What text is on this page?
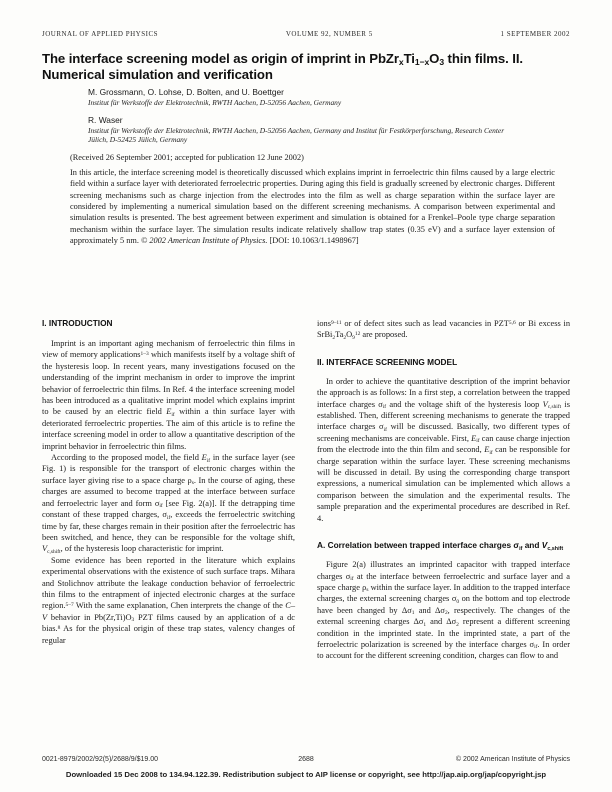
JOURNAL OF APPLIED PHYSICS	VOLUME 92, NUMBER 5	1 SEPTEMBER 2002
The interface screening model as origin of imprint in $PbZr_xTi_{1-x}O_3$ thin films. II. Numerical simulation and verification

M. Grossmann, O. Lohse, D. Bolten, and U. Boettger

Institut für Werkstoffe der Elektrotechnik, RWTH Aachen, D-52056 Aachen, Germany

R. Waser

Institut für Werkstoffe der Elektrotechnik, RWTH Aachen, D-52056 Aachen, Germany and Institut für Festkörperforschung, Research Center Jülich, D-52425 Jülich, Germany

(Received 26 September 2001; accepted for publication 12 June 2002)

In this article, the interface screening model is theoretically discussed which explains imprint in ferroelectric thin films caused by a large electric field within a surface layer with deteriorated ferroelectric properties. During aging this field is gradually screened by electronic charges. Different screening mechanisms such as charge injection from the electrodes into the film as well as charge separation within the surface layer are considered by implementing a numerical simulation based on the different screening mechanisms. A comparison between experimental and simulation results is presented. The best agreement between experiment and simulation is obtained for a Frenkel–Poole type charge separation mechanism within the surface layer. The simulation results indicate relatively shallow trap states (0.35 eV) and a surface layer extension of approximately 5 nm. © 2002 American Institute of Physics. [DOI: 10.1063/1.1498967]
I. INTRODUCTION

Imprint is an important aging mechanism of ferroelectric thin films in view of memory applications$^{1-3}$ which manifests itself by a voltage shift of the hysteresis loop. In recent years, many investigations focused on the understanding of the imprint mechanism in order to improve the imprint behavior of ferroelectric thin films. In Ref. 4 the interface screening model has been introduced as a qualitative imprint model which explains imprint to be caused by an electric field $E_{if}$ within a thin surface layer with deteriorated ferroelectric properties. The aim of this article is to refine the interface screening model in order to allow a quantitative description of the imprint behavior in ferroelectric thin films.

According to the proposed model, the field $E_{if}$ in the surface layer (see Fig. 1) is responsible for the transport of electronic charges within the surface layer giving rise to a space charge $\rho_s$. In the course of aging, these charges are assumed to become trapped at the interface between surface and ferroelectric layer and form $\sigma_{if}$ [see Fig. 2(a)]. If the detrapping time constant of these trapped charges, $\sigma_{if}$, exceeds the ferroelectric switching time by far, these charges remain in their position after the ferroelectric has been switched, and hence, they can be responsible for the voltage shift, $V_{c,shift}$, of the hysteresis loop characteristic for imprint.

Some evidence has been reported in the literature which explains experimental observations with the existence of such surface traps. Mihara and Stolichnov attribute the leakage conduction behavior of ferroelectric thin films to the entrapment of injected electronic charges at the surface region.$^{5-7}$ With the same explanation, Chen interprets the change of the C–V behavior in $Pb(Zr,Ti)O_3$ PZT films caused by an application of a dc bias.$^8$ As for the physical origin of these trap states, valency changes of regular

ions$^{9-11}$ or of defect sites such as lead vacancies in PZT$^{5,6}$ or Bi excess in $SrBi_2Ta_2O_9^{12}$ are proposed.

II. INTERFACE SCREENING MODEL

In order to achieve the quantitative description of the imprint behavior the approach is as follows: In a first step, a correlation between the trapped interface charges $\sigma_{if}$ and the voltage shift of the hysteresis loop $V_{c,shift}$ is established. Then, different screening mechanisms to generate the trapped interface charges $\sigma_{if}$ will be discussed. Basically, two different types of screening mechanisms are conceivable. First, $E_{if}$ can cause charge injection from the electrode into the thin film and second, $E_{if}$ can be responsible for charge separation within the surface layer. These screening mechanisms will be discussed in detail. By using the corresponding charge transport expressions, a numerical simulation can be implemented which allows a comparison between the simulation and the experimental results. The sample preparation and the experimental procedures are described in Ref. 4.

A. Correlation between trapped interface charges $\sigma_{if}$ and $V_{c,shift}$

Figure 2(a) illustrates an imprinted capacitor with trapped interface charges $\sigma_{if}$ at the interface between ferroelectric and surface layer and a space charge $\rho_s$ within the surface layer. In addition to the trapped interface charges, the external screening charges $\sigma_0$ on the bottom and top electrode have been changed by $\Delta\sigma_1$ and $\Delta\sigma_2$, respectively. The changes of the external screening charges $\Delta\sigma_1$ and $\Delta\sigma_2$ represent a different screening condition in the imprinted state. In the imprinted state, a part of the ferroelectric polarization is screened by the interface charges $\sigma_{if}$. In order to account for the different screening condition, charges can flow to and

0021-8979/2002/92(5)/2688/9/$19.00	2688	© 2002 American Institute of Physics
Downloaded 15 Dec 2008 to 134.94.122.39. Redistribution subject to AIP license or copyright, see http://jap.aip.org/jap/copyright.jsp
